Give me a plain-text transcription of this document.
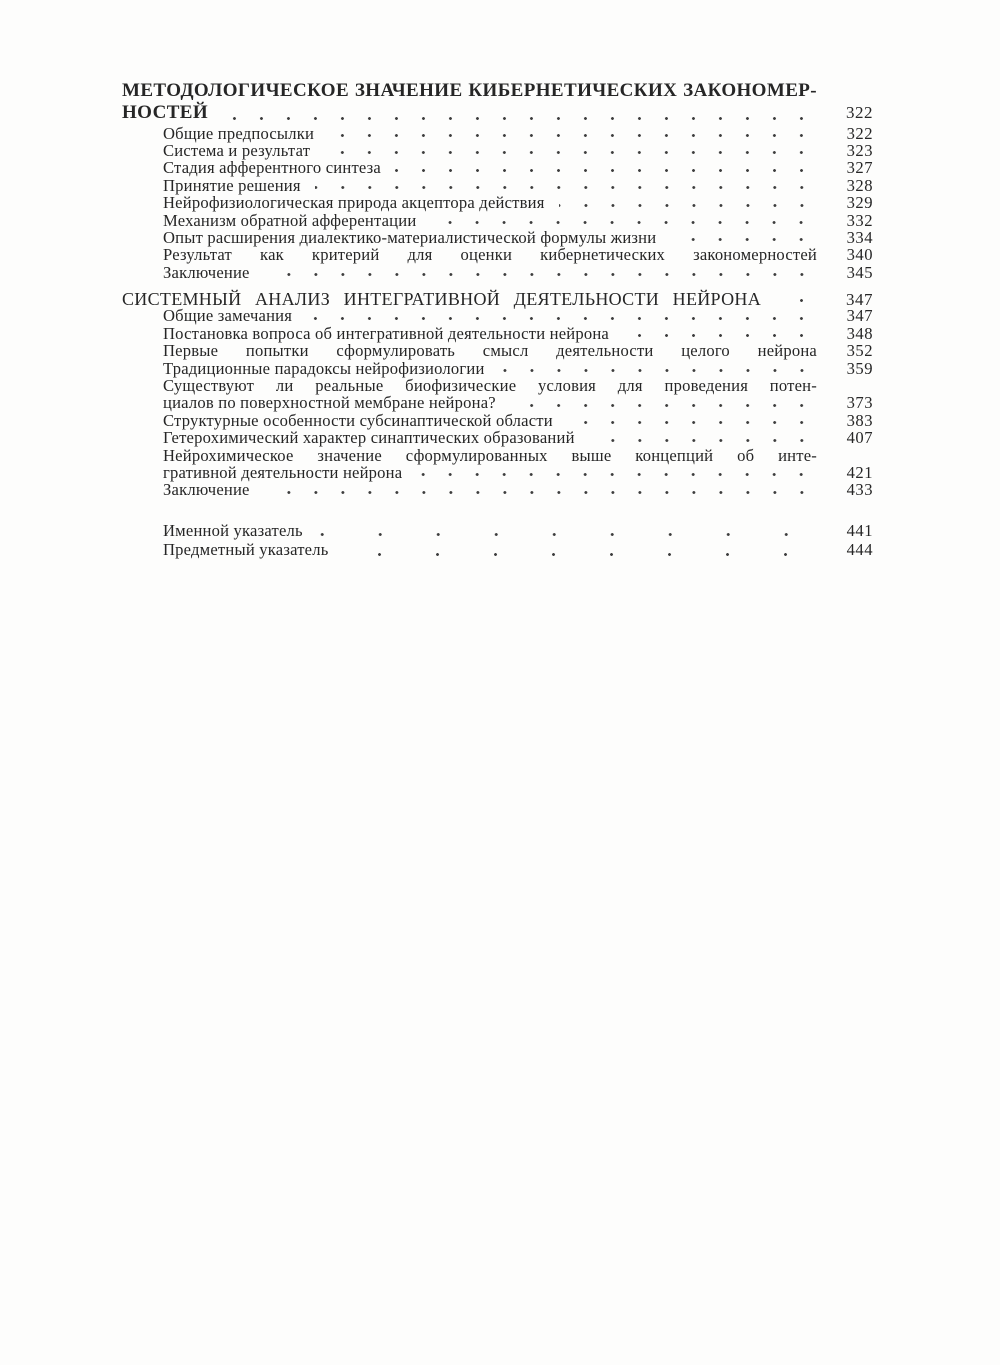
МЕТОДОЛОГИЧЕСКОЕ ЗНАЧЕНИЕ КИБЕРНЕТИЧЕСКИХ ЗАКОНОМЕР-
НОСТЕЙ	322
Общие предпосылки	322
Система и результат	323
Стадия афферентного синтеза	327
Принятие решения	328
Нейрофизиологическая природа акцептора действия	329
Механизм обратной афферентации	332
Опыт расширения диалектико-материалистической формулы жизни	334
Результат как критерий для оценки кибернетических закономерностей	340
Заключение	345
СИСТЕМНЫЙ АНАЛИЗ ИНТЕГРАТИВНОЙ ДЕЯТЕЛЬНОСТИ НЕЙРОНА	347
Общие замечания	347
Постановка вопроса об интегративной деятельности нейрона	348
Первые попытки сформулировать смысл деятельности целого нейрона	352
Традиционные парадоксы нейрофизиологии	359
Существуют ли реальные биофизические условия для проведения потен-
циалов по поверхностной мембране нейрона?	373
Структурные особенности субсинаптической области	383
Гетерохимический характер синаптических образований	407
Нейрохимическое значение сформулированных выше концепций об инте-
гративной деятельности нейрона	421
Заключение	433
Именной указатель	441
Предметный указатель	444
